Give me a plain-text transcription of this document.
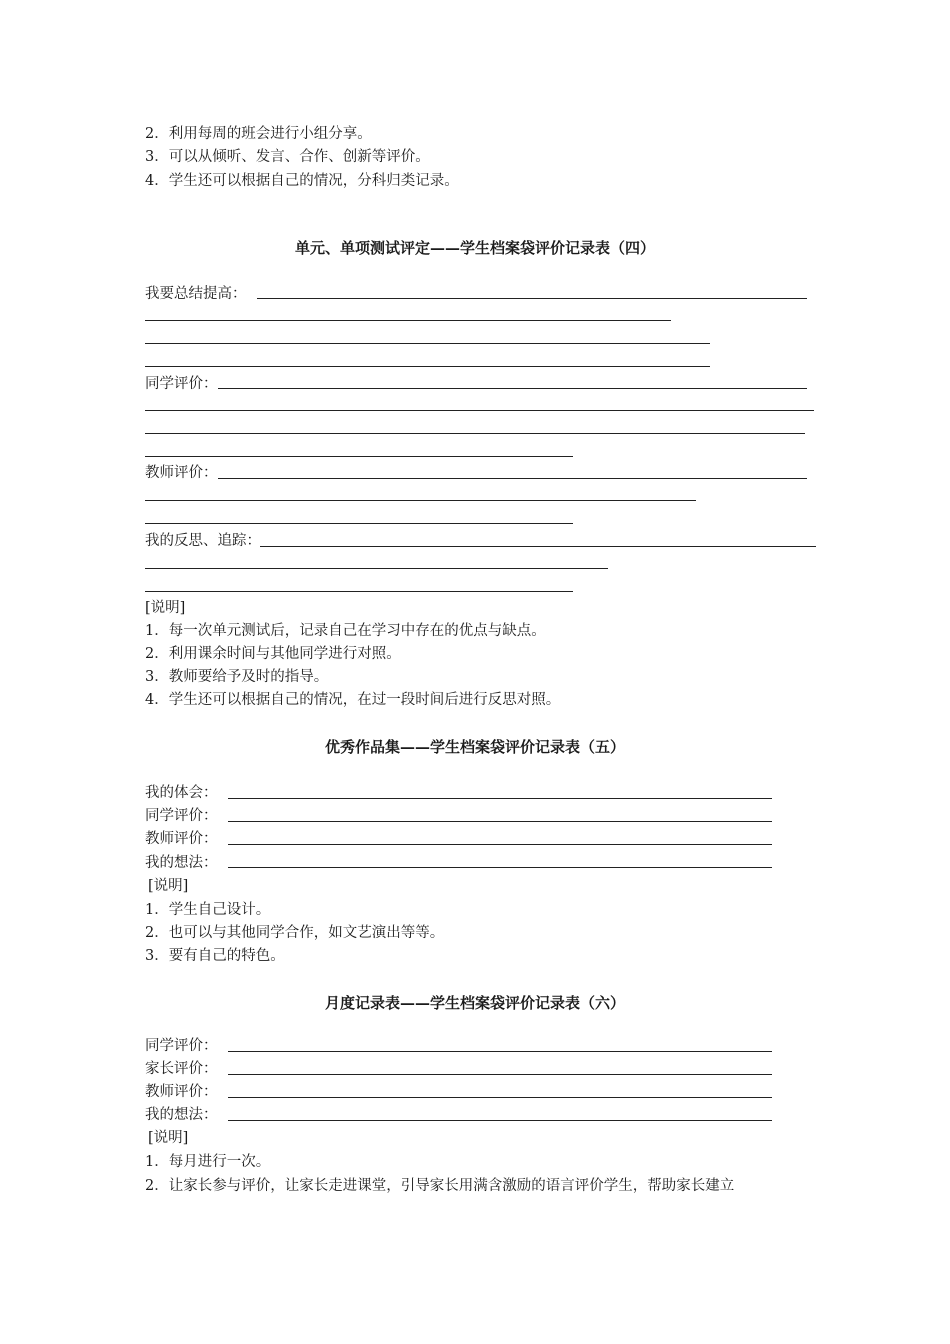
2．利用每周的班会进行小组分享。
3．可以从倾听、发言、合作、创新等评价。
4．学生还可以根据自己的情况，分科归类记录。
单元、单项测试评定——学生档案袋评价记录表（四）
我要总结提高：
同学评价：
教师评价：
我的反思、追踪：
[说明]
1．每一次单元测试后，记录自己在学习中存在的优点与缺点。
2．利用课余时间与其他同学进行对照。
3．教师要给予及时的指导。
4．学生还可以根据自己的情况，在过一段时间后进行反思对照。
优秀作品集——学生档案袋评价记录表（五）
我的体会：
同学评价：
教师评价：
我的想法：
[说明]
1．学生自己设计。
2．也可以与其他同学合作，如文艺演出等等。
3．要有自己的特色。
月度记录表——学生档案袋评价记录表（六）
同学评价：
家长评价：
教师评价：
我的想法：
[说明]
1．每月进行一次。
2．让家长参与评价，让家长走进课堂，引导家长用满含激励的语言评价学生，帮助家长建立
